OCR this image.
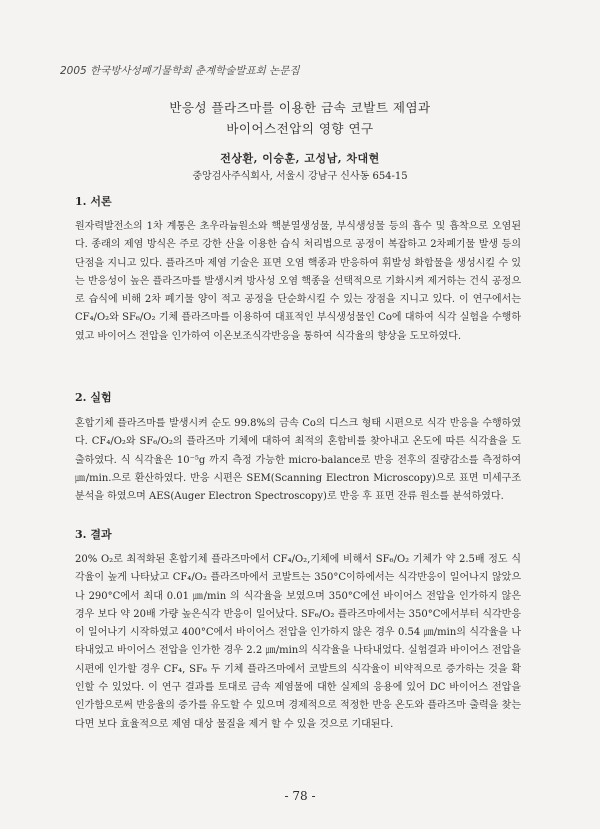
2005 한국방사성폐기물학회 춘계학술발표회 논문집
반응성 플라즈마를 이용한 금속 코발트 제염과
바이어스전압의 영향 연구
전상환, 이승훈, 고성남, 차대현
중앙검사주식회사, 서울시 강남구 신사동 654-15
1. 서론

원자력발전소의 1차 계통은 초우라늄원소와 핵분열생성물, 부식생성물 등의 흡수 및 흡착으로 오염된다. 종래의 제염 방식은 주로 강한 산을 이용한 습식 처리법으로 공정이 복잡하고 2차폐기물 발생 등의 단점을 지니고 있다. 플라즈마 제염 기술은 표면 오염 핵종과 반응하여 휘발성 화합물을 생성시킬 수 있는 반응성이 높은 플라즈마를 발생시켜 방사성 오염 핵종을 선택적으로 기화시켜 제거하는 건식 공정으로 습식에 비해 2차 폐기물 양이 적고 공정을 단순화시킬 수 있는 장점을 지니고 있다. 이 연구에서는 CF₄/O₂와 SF₆/O₂ 기체 플라즈마를 이용하여 대표적인 부식생성물인 Co에 대하여 식각 실험을 수행하였고 바이어스 전압을 인가하여 이온보조식각반응을 통하여 식각율의 향상을 도모하였다.

2. 실험

혼합기체 플라즈마를 발생시켜 순도 99.8%의 금속 Co의 디스크 형태 시편으로 식각 반응을 수행하였다. CF₄/O₂와 SF₆/O₂의 플라즈마 기체에 대하여 최적의 혼합비를 찾아내고 온도에 따른 식각율을 도출하였다. 식 식각율은 10⁻⁵g 까지 측정 가능한 micro-balance로 반응 전후의 질량감소를 측정하여 ㎛/min.으로 환산하였다. 반응 시편은 SEM(Scanning Electron Microscopy)으로 표면 미세구조 분석을 하였으며 AES(Auger Electron Spectroscopy)로 반응 후 표면 잔류 원소를 분석하였다.

3. 결과

20% O₂로 최적화된 혼합기체 플라즈마에서 CF₄/O₂,기체에 비해서 SF₆/O₂ 기체가 약 2.5배 정도 식각율이 높게 나타났고 CF₄/O₂ 플라즈마에서 코발트는 350°C이하에서는 식각반응이 일어나지 않았으나 290°C에서 최대 0.01 ㎛/min 의 식각율을 보였으며 350°C에선 바이어스 전압을 인가하지 않은 경우 보다 약 20배 가량 높은식각 반응이 일어났다. SF₆/O₂ 플라즈마에서는 350°C에서부터 식각반응이 일어나기 시작하였고 400°C에서 바이어스 전압을 인가하지 않은 경우 0.54 ㎛/min의 식각율을 나타내었고 바이어스 전압을 인가한 경우 2.2 ㎛/min의 식각율을 나타내었다. 실험결과 바이어스 전압을 시편에 인가할 경우 CF₄, SF₆ 두 기체 플라즈마에서 코발트의 식각율이 비약적으로 증가하는 것을 확인할 수 있었다. 이 연구 결과를 토대로 금속 제염물에 대한 실제의 응용에 있어 DC 바이어스 전압을 인가함으로써 반응율의 증가를 유도할 수 있으며 경제적으로 적정한 반응 온도와 플라즈마 출력을 찾는다면 보다 효율적으로 제염 대상 물질을 제거 할 수 있을 것으로 기대된다.

- 78 -
